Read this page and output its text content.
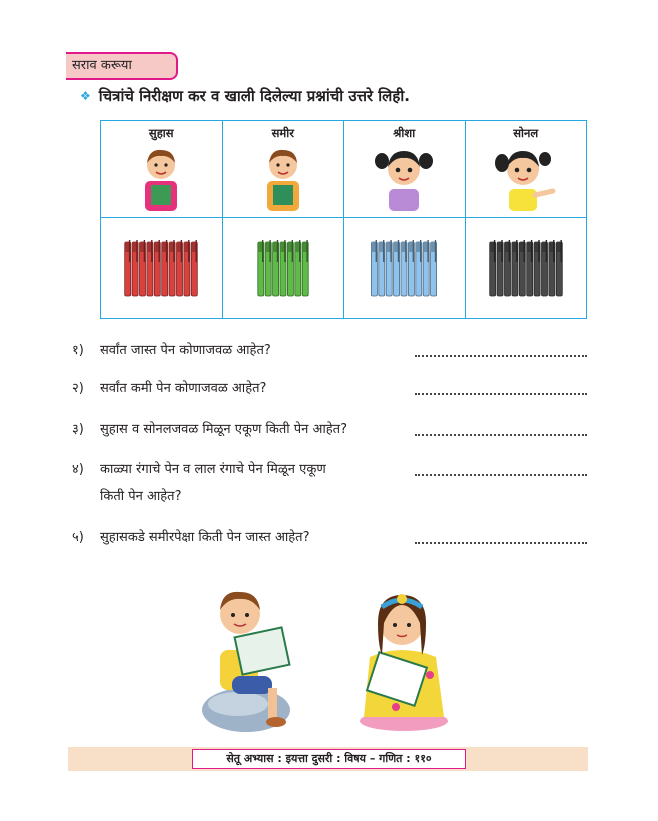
सराव करूया
❖ चित्रांचे निरीक्षण कर व खाली दिलेल्या प्रश्नांची उत्तरे लिही.
सुहास	समीर	श्रीशा	सोनल

१) सर्वांत जास्त पेन कोणाजवळ आहेत?
२) सर्वांत कमी पेन कोणाजवळ आहेत?
३) सुहास व सोनलजवळ मिळून एकूण किती पेन आहेत?
४) काळ्या रंगाचे पेन व लाल रंगाचे पेन मिळून एकूण
किती पेन आहेत?
५) सुहासकडे समीरपेक्षा किती पेन जास्त आहेत?
सेतू अभ्यास : इयत्ता दुसरी : विषय – गणित : ११०
